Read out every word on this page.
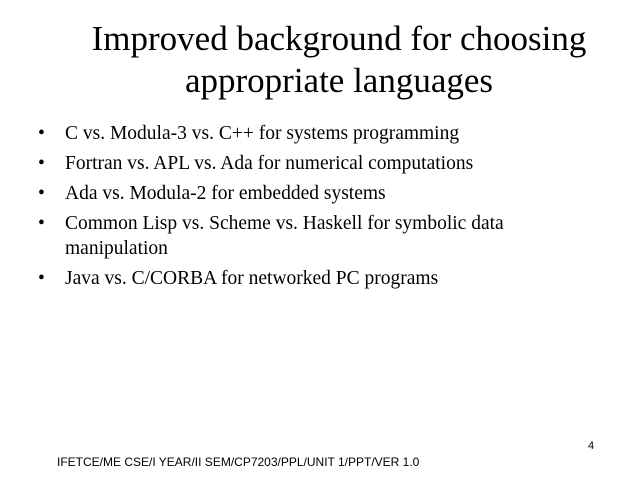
Improved background for choosing
appropriate languages
• C vs. Modula-3 vs. C++ for systems programming
• Fortran vs. APL vs. Ada for numerical computations
• Ada vs. Modula-2 for embedded systems
• Common Lisp vs. Scheme vs. Haskell for symbolic data manipulation
• Java vs. C/CORBA for networked PC programs
4
IFETCE/ME CSE/I YEAR/II SEM/CP7203/PPL/UNIT 1/PPT/VER 1.0
